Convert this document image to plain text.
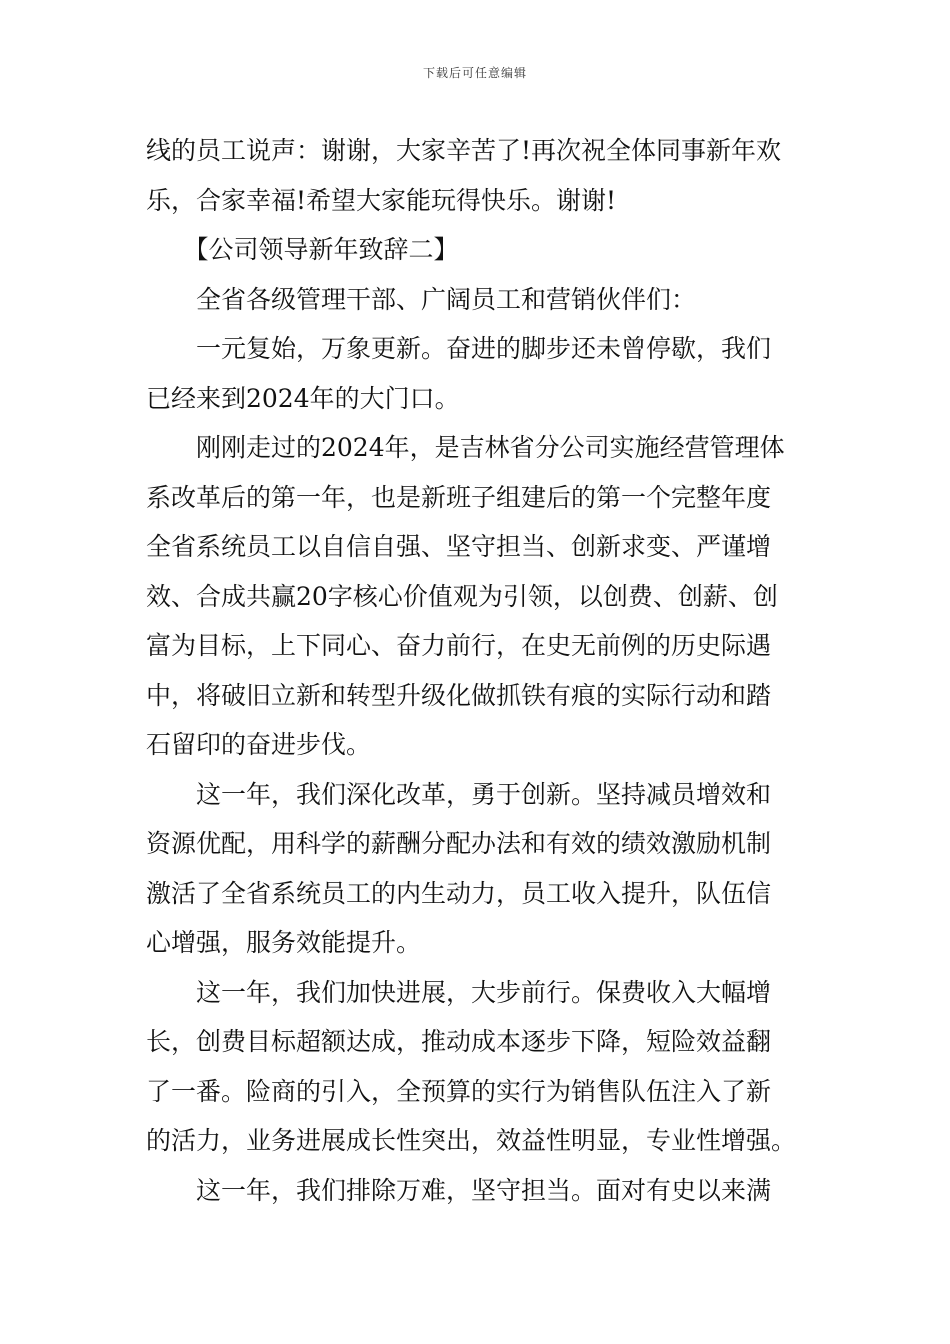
下载后可任意编辑
线的员工说声：谢谢，大家辛苦了!再次祝全体同事新年欢
乐，合家幸福!希望大家能玩得快乐。谢谢!
　　【公司领导新年致辞二】
　　全省各级管理干部、广阔员工和营销伙伴们：
　　一元复始，万象更新。奋进的脚步还未曾停歇，我们
已经来到2024年的大门口。
　　刚刚走过的2024年，是吉林省分公司实施经营管理体
系改革后的第一年，也是新班子组建后的第一个完整年度
全省系统员工以自信自强、坚守担当、创新求变、严谨增
效、合成共赢20字核心价值观为引领，以创费、创薪、创
富为目标，上下同心、奋力前行，在史无前例的历史际遇
中，将破旧立新和转型升级化做抓铁有痕的实际行动和踏
石留印的奋进步伐。
　　这一年，我们深化改革，勇于创新。坚持减员增效和
资源优配，用科学的薪酬分配办法和有效的绩效激励机制
激活了全省系统员工的内生动力，员工收入提升，队伍信
心增强，服务效能提升。
　　这一年，我们加快进展，大步前行。保费收入大幅增
长，创费目标超额达成，推动成本逐步下降，短险效益翻
了一番。险商的引入，全预算的实行为销售队伍注入了新
的活力，业务进展成长性突出，效益性明显，专业性增强。
　　这一年，我们排除万难，坚守担当。面对有史以来满
